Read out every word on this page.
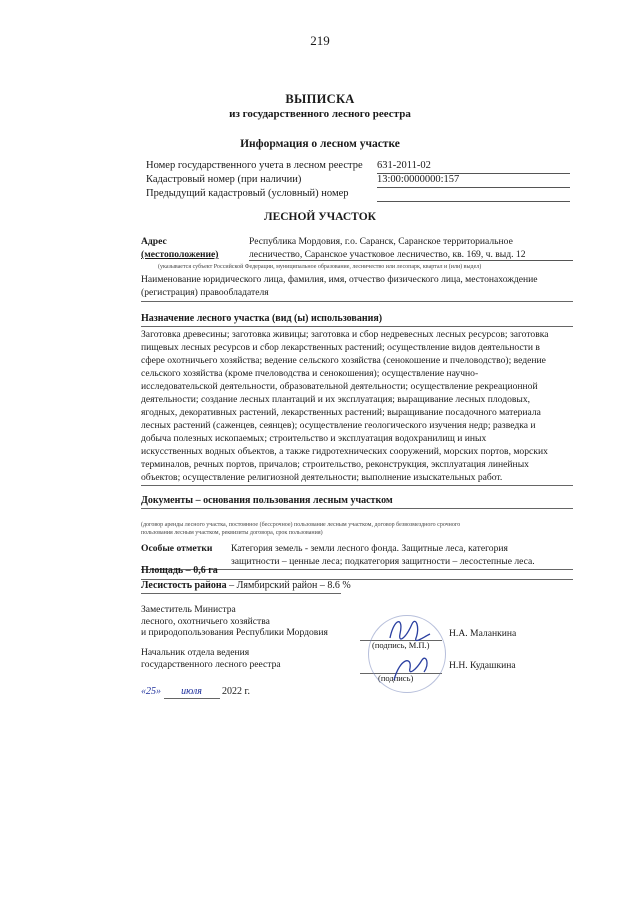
219
ВЫПИСКА
из государственного лесного реестра
Информация о лесном участке
Номер государственного учета в лесном реестре 631-2011-02
Кадастровый номер (при наличии)	13:00:0000000:157
Предыдущий кадастровый (условный) номер
ЛЕСНОЙ УЧАСТОК
Адрес
(местоположение)
Республика Мордовия, г.о. Саранск, Саранское территориальное
лесничество, Саранское участковое лесничество, кв. 169, ч. выд. 12
(указывается субъект Российской Федерации, муниципальное образование, лесничество или лесопарк, квартал и (или) выдел)
Наименование юридического лица, фамилия, имя, отчество физического лица, местонахождение
(регистрация) правообладателя
Назначение лесного участка (вид (ы) использования)
Заготовка древесины; заготовка живицы; заготовка и сбор недревесных лесных ресурсов; заготовка
пищевых лесных ресурсов и сбор лекарственных растений; осуществление видов деятельности в
сфере охотничьего хозяйства; ведение сельского хозяйства (сенокошение и пчеловодство); ведение
сельского хозяйства (кроме пчеловодства и сенокошения); осуществление научно-
исследовательской деятельности, образовательной деятельности; осуществление рекреационной
деятельности; создание лесных плантаций и их эксплуатация; выращивание лесных плодовых,
ягодных, декоративных растений, лекарственных растений; выращивание посадочного материала
лесных растений (саженцев, сеянцев); осуществление геологического изучения недр; разведка и
добыча полезных ископаемых; строительство и эксплуатация водохранилищ и иных
искусственных водных объектов, а также гидротехнических сооружений, морских портов, морских
терминалов, речных портов, причалов; строительство, реконструкция, эксплуатация линейных
объектов; осуществление религиозной деятельности; выполнение изыскательных работ.
Документы – основания пользования лесным участком
(договор аренды лесного участка, постоянное (бессрочное) пользование лесным участком, договор безвозмездного срочного
пользования лесным участком, реквизиты договора, срок пользования)
Особые отметки Категория земель - земли лесного фонда. Защитные леса, категория
защитности – ценные леса; подкатегория защитности – лесостепные леса.
Площадь – 0,6 га
Лесистость района – Лямбирский район – 8.6 %
Заместитель Министра
лесного, охотничьего хозяйства
и природопользования Республики Мордовия	Н.А. Маланкина
(подпись, М.П.)
Начальник отдела ведения
государственного лесного реестра	Н.Н. Кудашкина
(подпись)
«25» июля 2022 г.
